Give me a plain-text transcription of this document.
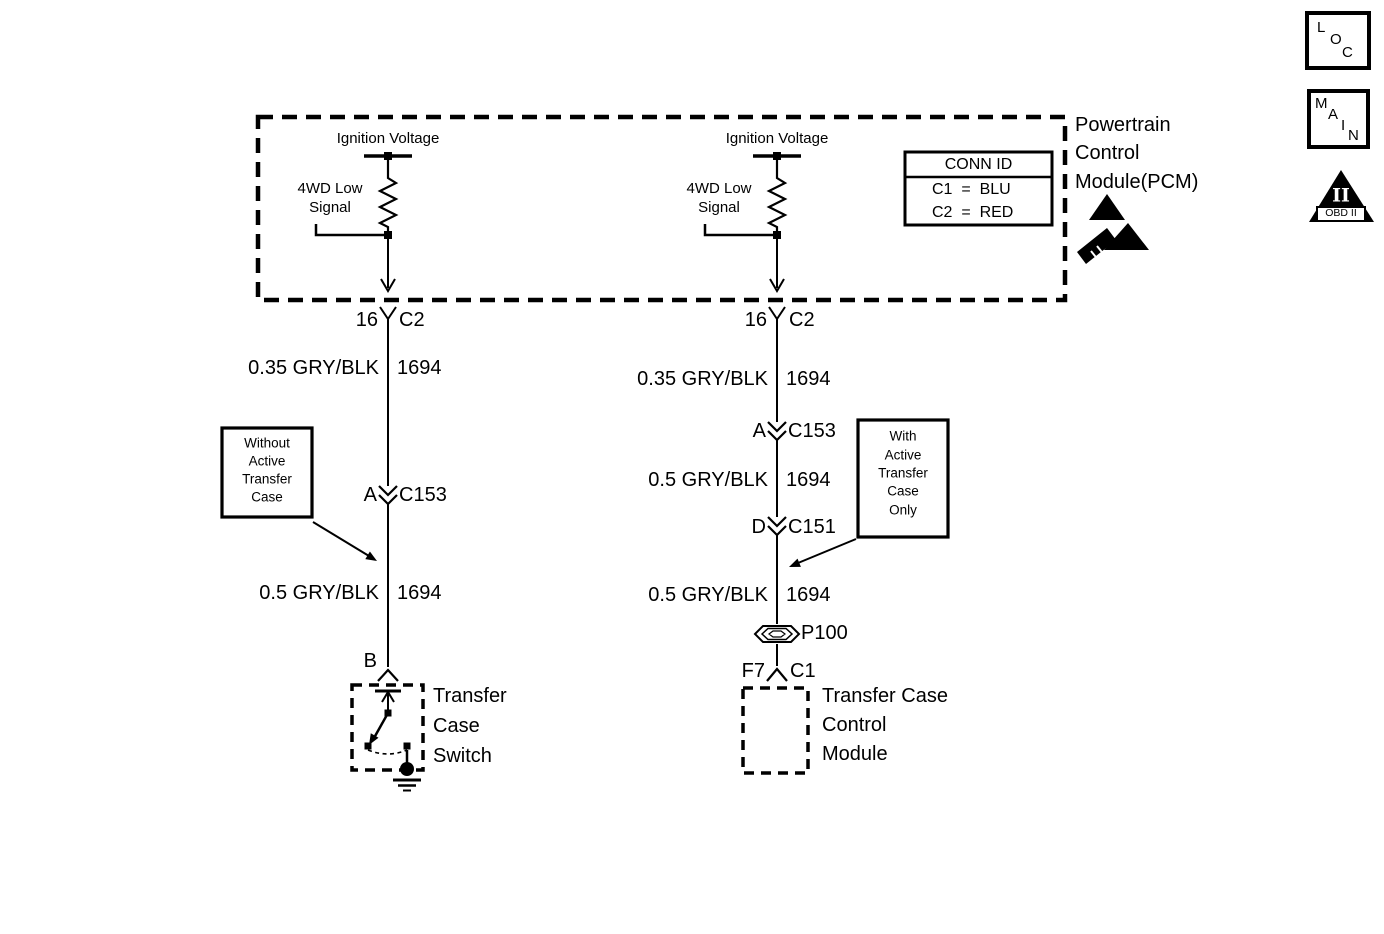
Ignition Voltage	Ignition Voltage
4WD Low
Signal
4WD Low
Signal
CONN ID
C1  =  BLU
C2  =  RED
Powertrain
Control
Module(PCM)
16 C2
0.35 GRY/BLK 1694
A C153
0.5 GRY/BLK 1694
B
Without
Active
Transfer
Case
Transfer
Case
Switch
16 C2
0.35 GRY/BLK 1694
A C153
0.5 GRY/BLK 1694
D C151
0.5 GRY/BLK 1694
P100
F7 C1
With
Active
Transfer
Case
Only
Transfer Case
Control
Module
L
O
C
M
A
I
N
II
OBD II
